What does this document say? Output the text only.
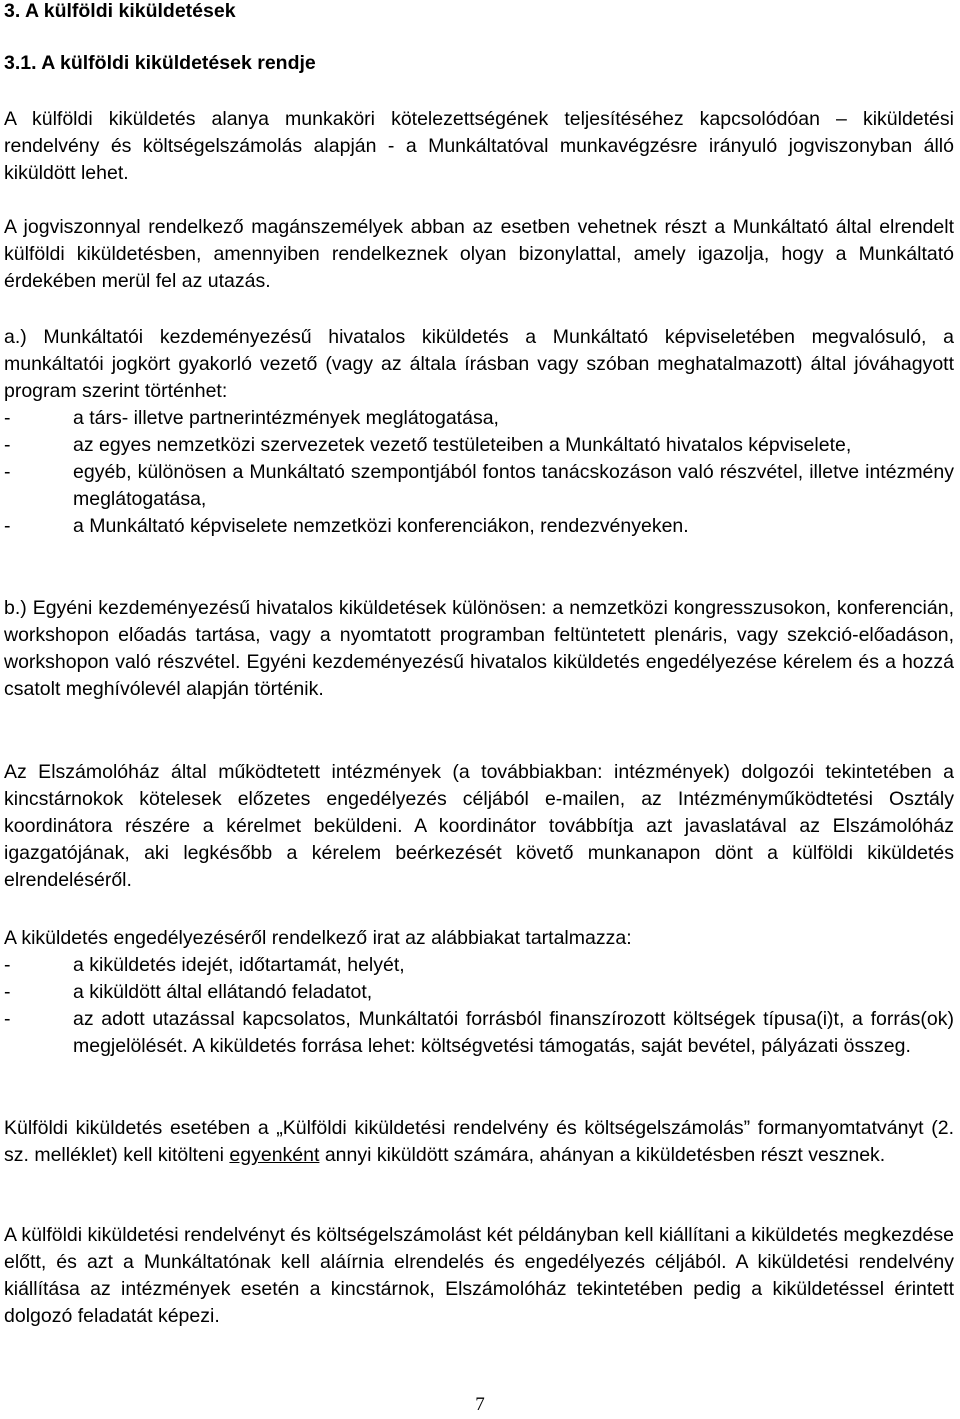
3. A külföldi kiküldetések
3.1. A külföldi kiküldetések rendje

A külföldi kiküldetés alanya munkaköri kötelezettségének teljesítéséhez kapcsolódóan – kiküldetési rendelvény és költségelszámolás alapján - a Munkáltatóval munkavégzésre irányuló jogviszonyban álló kiküldött lehet.

A jogviszonnyal rendelkező magánszemélyek abban az esetben vehetnek részt a Munkáltató által elrendelt külföldi kiküldetésben, amennyiben rendelkeznek olyan bizonylattal, amely igazolja, hogy a Munkáltató érdekében merül fel az utazás.

a.) Munkáltatói kezdeményezésű hivatalos kiküldetés a Munkáltató képviseletében megvalósuló, a munkáltatói jogkört gyakorló vezető (vagy az általa írásban vagy szóban meghatalmazott) által jóváhagyott program szerint történhet:

-	a társ- illetve partnerintézmények meglátogatása,
-	az egyes nemzetközi szervezetek vezető testületeiben a Munkáltató hivatalos képviselete,
-	egyéb, különösen a Munkáltató szempontjából fontos tanácskozáson való részvétel, illetve intézmény meglátogatása,
-	a Munkáltató képviselete nemzetközi konferenciákon, rendezvényeken.

b.) Egyéni kezdeményezésű hivatalos kiküldetések különösen: a nemzetközi kongresszusokon, konferencián, workshopon előadás tartása, vagy a nyomtatott programban feltüntetett plenáris, vagy szekció-előadáson, workshopon való részvétel. Egyéni kezdeményezésű hivatalos kiküldetés engedélyezése kérelem és a hozzá csatolt meghívólevél alapján történik.

Az Elszámolóház által működtetett intézmények (a továbbiakban: intézmények) dolgozói tekintetében a kincstárnokok kötelesek előzetes engedélyezés céljából e-mailen, az Intézményműködtetési Osztály koordinátora részére a kérelmet beküldeni. A koordinátor továbbítja azt javaslatával az Elszámolóház igazgatójának, aki legkésőbb a kérelem beérkezését követő munkanapon dönt a külföldi kiküldetés elrendeléséről.

A kiküldetés engedélyezéséről rendelkező irat az alábbiakat tartalmazza:

-	a kiküldetés idejét, időtartamát, helyét,
-	a kiküldött által ellátandó feladatot,
-	az adott utazással kapcsolatos, Munkáltatói forrásból finanszírozott költségek típusa(i)t, a forrás(ok) megjelölését. A kiküldetés forrása lehet: költségvetési támogatás, saját bevétel, pályázati összeg.

Külföldi kiküldetés esetében a „Külföldi kiküldetési rendelvény és költségelszámolás” formanyomtatványt (2. sz. melléklet) kell kitölteni egyenként annyi kiküldött számára, ahányan a kiküldetésben részt vesznek.

A külföldi kiküldetési rendelvényt és költségelszámolást két példányban kell kiállítani a kiküldetés megkezdése előtt, és azt a Munkáltatónak kell aláírnia elrendelés és engedélyezés céljából. A kiküldetési rendelvény kiállítása az intézmények esetén a kincstárnok, Elszámolóház tekintetében pedig a kiküldetéssel érintett dolgozó feladatát képezi.

7
